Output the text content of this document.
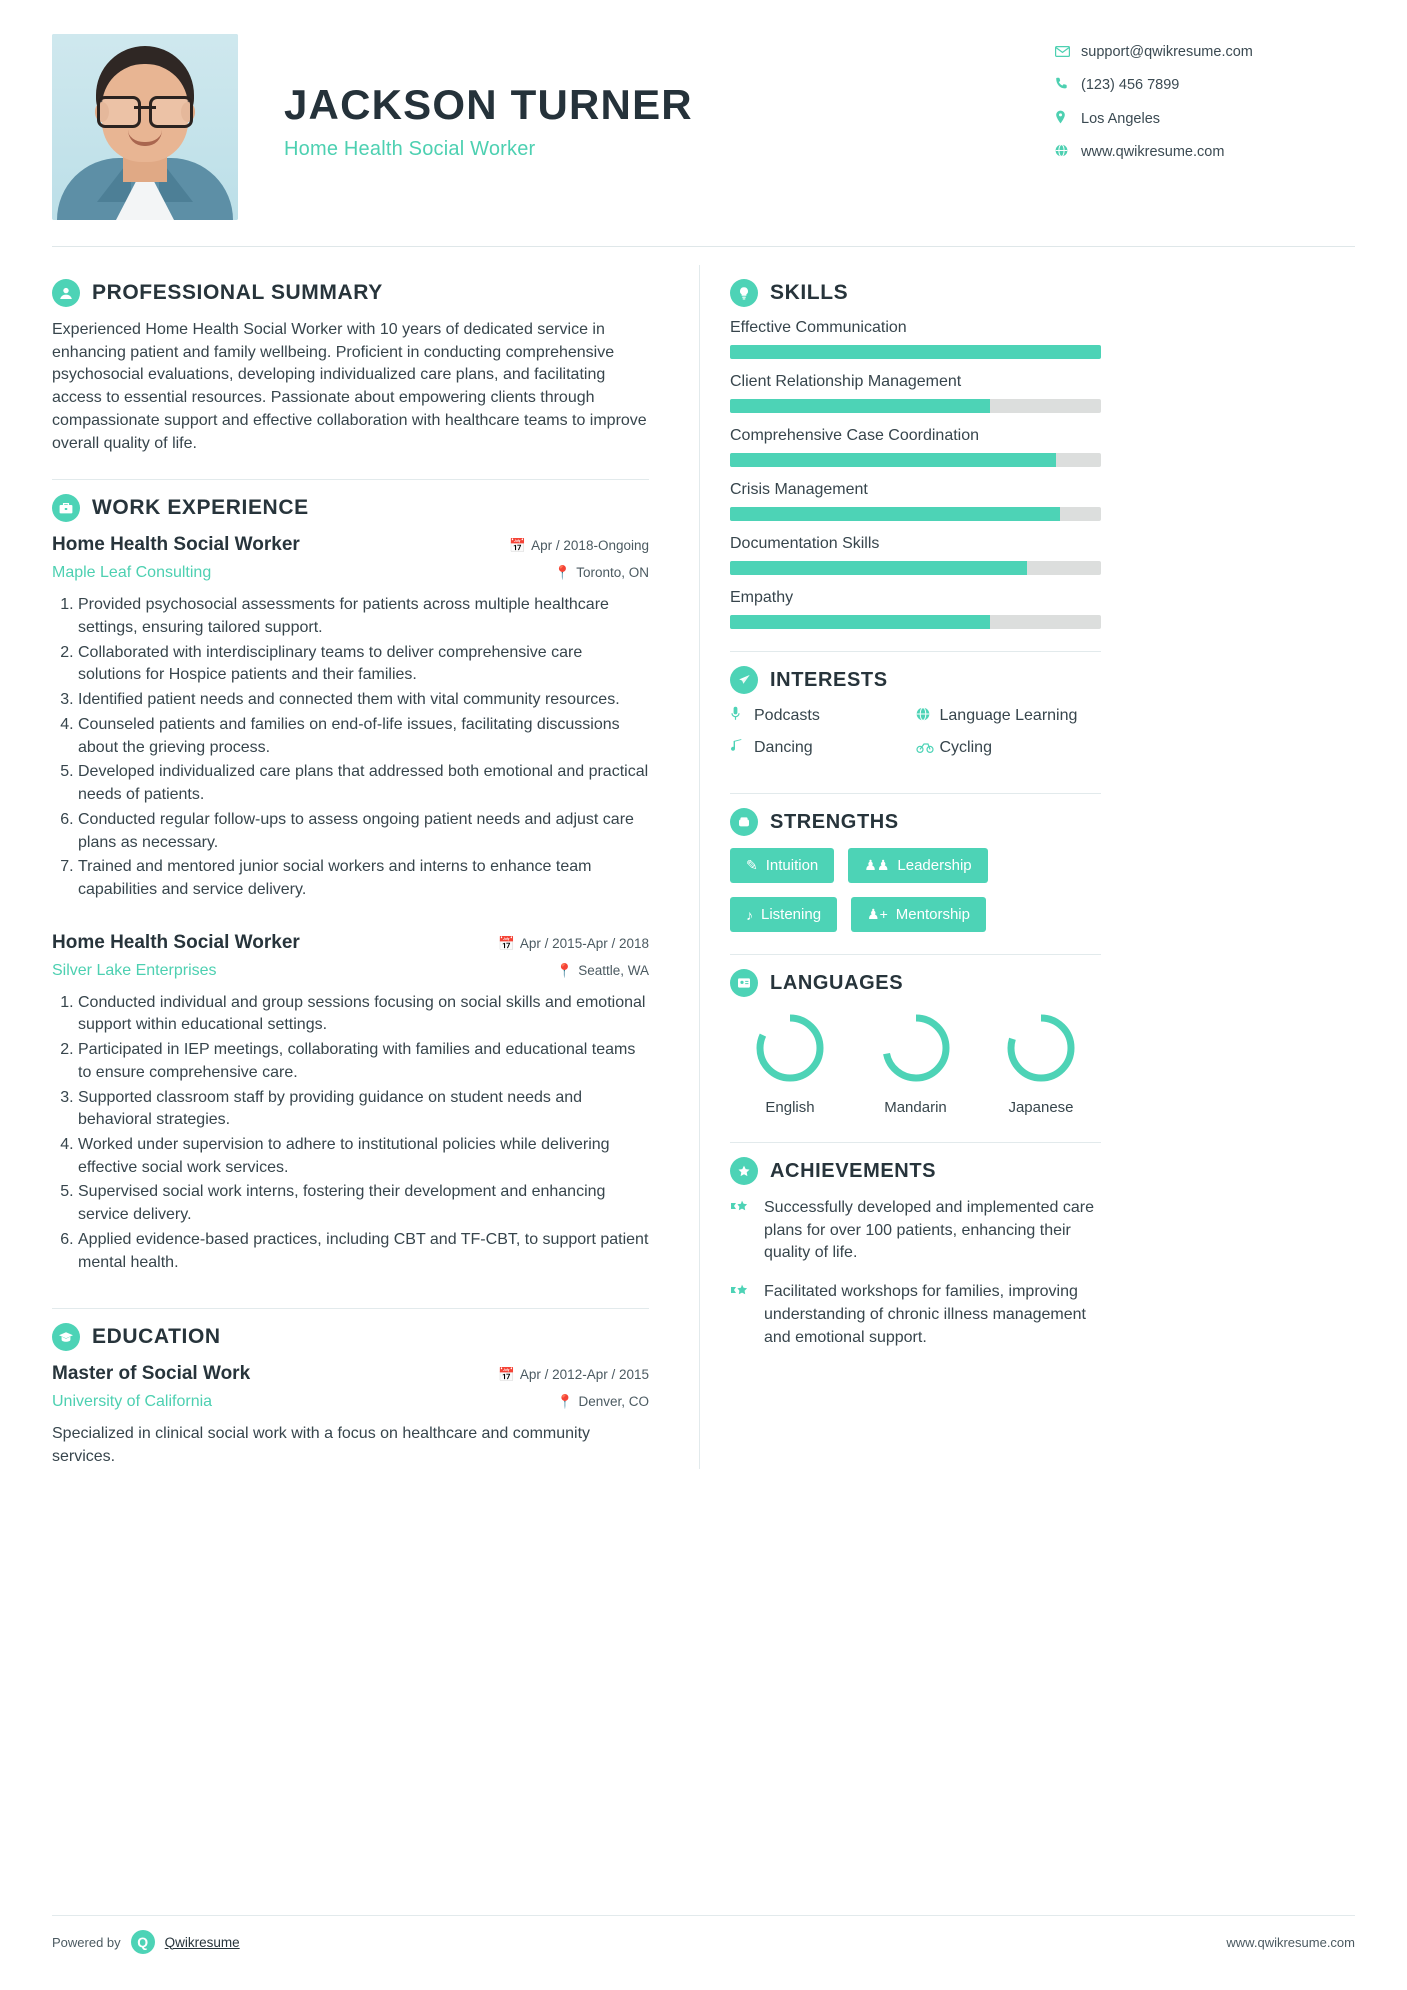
JACKSON TURNER
Home Health Social Worker
support@qwikresume.com
(123) 456 7899
Los Angeles
www.qwikresume.com
PROFESSIONAL SUMMARY

Experienced Home Health Social Worker with 10 years of dedicated service in enhancing patient and family wellbeing. Proficient in conducting comprehensive psychosocial evaluations, developing individualized care plans, and facilitating access to essential resources. Passionate about empowering clients through compassionate support and effective collaboration with healthcare teams to improve overall quality of life.

WORK EXPERIENCE
Home Health Social Worker	📅 Apr / 2018-Ongoing
Maple Leaf Consulting	📍 Toronto, ON
1. Provided psychosocial assessments for patients across multiple healthcare settings, ensuring tailored support.
2. Collaborated with interdisciplinary teams to deliver comprehensive care solutions for Hospice patients and their families.
3. Identified patient needs and connected them with vital community resources.
4. Counseled patients and families on end-of-life issues, facilitating discussions about the grieving process.
5. Developed individualized care plans that addressed both emotional and practical needs of patients.
6. Conducted regular follow-ups to assess ongoing patient needs and adjust care plans as necessary.
7. Trained and mentored junior social workers and interns to enhance team capabilities and service delivery.
Home Health Social Worker	📅 Apr / 2015-Apr / 2018
Silver Lake Enterprises	📍 Seattle, WA
1. Conducted individual and group sessions focusing on social skills and emotional support within educational settings.
2. Participated in IEP meetings, collaborating with families and educational teams to ensure comprehensive care.
3. Supported classroom staff by providing guidance on student needs and behavioral strategies.
4. Worked under supervision to adhere to institutional policies while delivering effective social work services.
5. Supervised social work interns, fostering their development and enhancing service delivery.
6. Applied evidence-based practices, including CBT and TF-CBT, to support patient mental health.
EDUCATION
Master of Social Work	📅 Apr / 2012-Apr / 2015
University of California	📍 Denver, CO
Specialized in clinical social work with a focus on healthcare and community services.
SKILLS
Effective Communication
Client Relationship Management
Comprehensive Case Coordination
Crisis Management
Documentation Skills
Empathy
INTERESTS
Podcasts	Language Learning
Dancing	Cycling
STRENGTHS
✎ Intuition	♟♟ Leadership
♪ Listening	♟+ Mentorship
LANGUAGES
English	Mandarin	Japanese
ACHIEVEMENTS
Successfully developed and implemented care plans for over 100 patients, enhancing their quality of life.
Facilitated workshops for families, improving understanding of chronic illness management and emotional support.
Powered by Q Qwikresume	www.qwikresume.com
